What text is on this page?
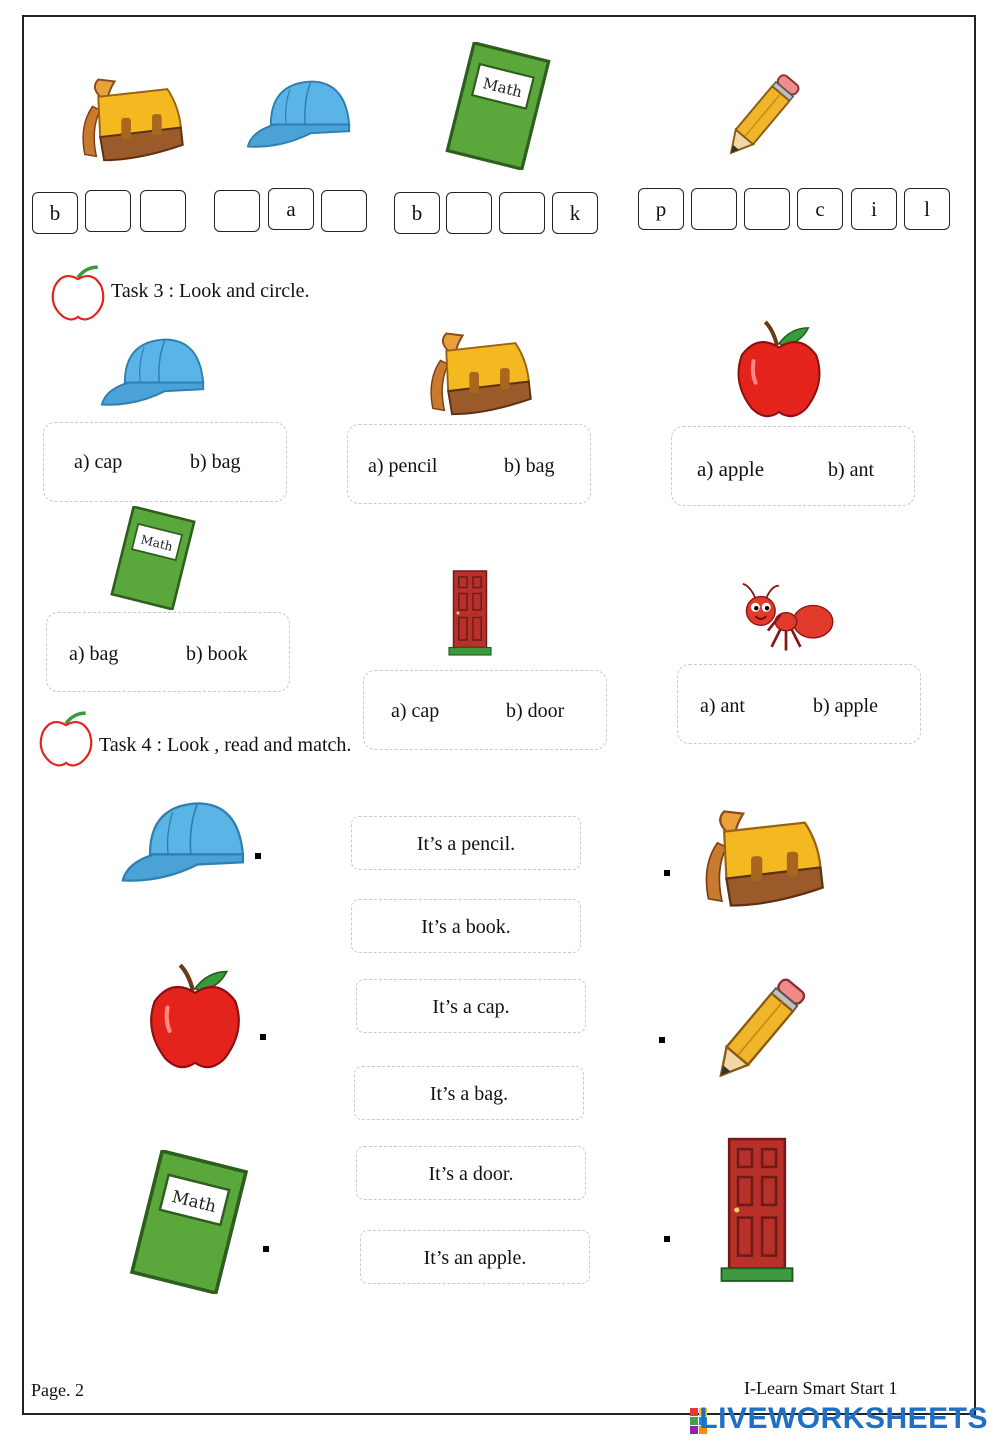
b	a	b	k	p	c	i	l
Task 3 : Look and circle.
a) cap	b) bag	a) pencil	b) bag	a) apple	b) ant
a) bag	b) book
a) cap	b) door	a) ant	b) apple
Task 4 : Look , read and match.
It’s a pencil.
It’s a book.
It’s a cap.
It’s a bag.
It’s a door.
It’s an apple.
Page. 2	I-Learn Smart Start 1
LIVEWORKSHEETS
